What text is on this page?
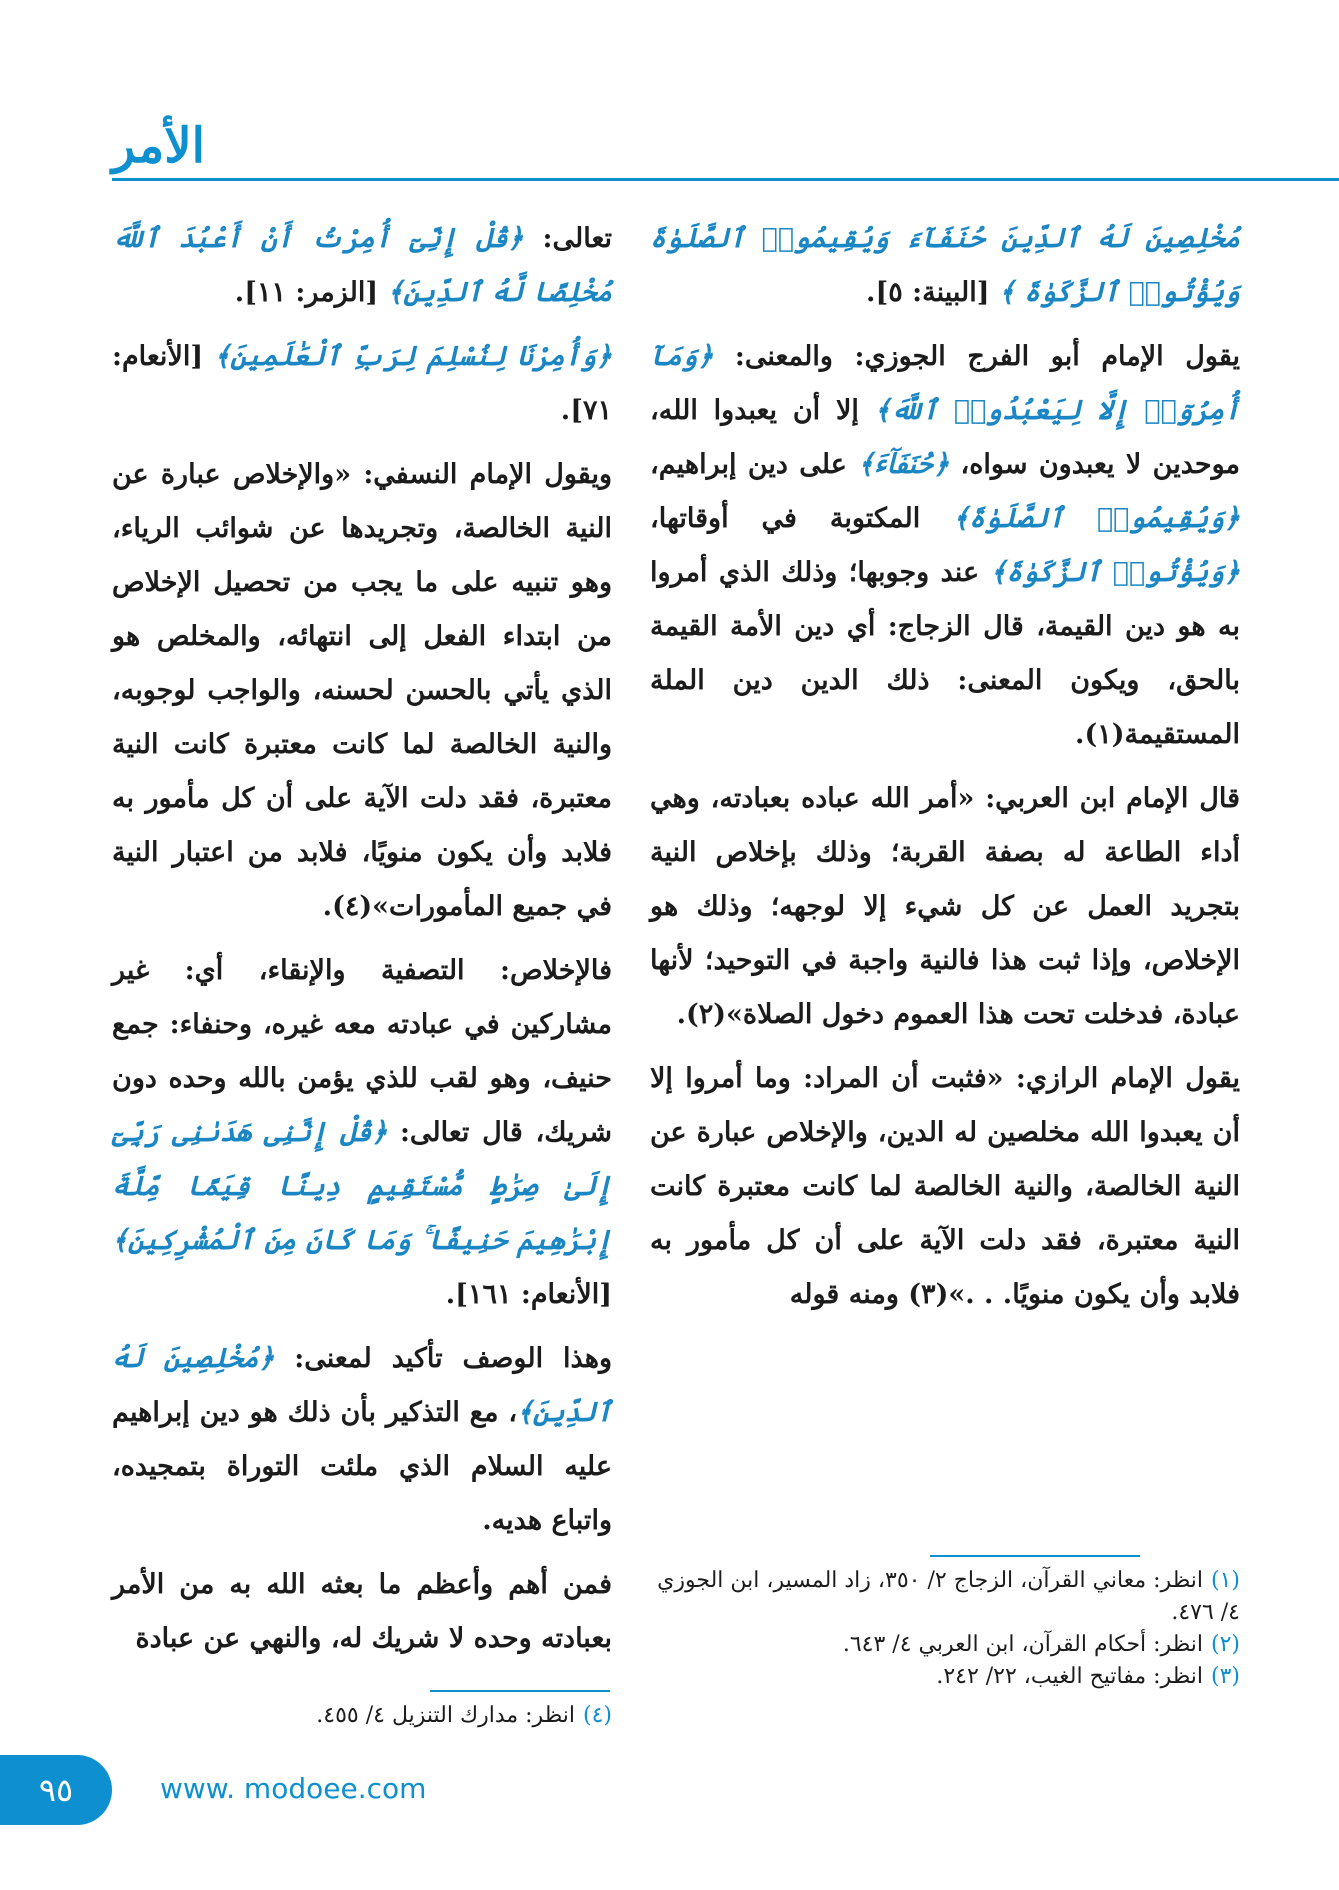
الأمر

مُخْلِصِينَ لَهُ ٱلدِّينَ حُنَفَآءَ وَيُقِيمُوا۟ ٱلصَّلَوٰةَ وَيُؤْتُوا۟ ٱلزَّكَوٰةَ ﴾ [البينة: ٥].

يقول الإمام أبو الفرج الجوزي: والمعنى: ﴿وَمَآ أُمِرُوٓا۟ إِلَّا لِيَعْبُدُوا۟ ٱللَّهَ﴾ إلا أن يعبدوا الله، موحدين لا يعبدون سواه، ﴿حُنَفَآءَ﴾ على دين إبراهيم، ﴿وَيُقِيمُوا۟ ٱلصَّلَوٰةَ﴾ المكتوبة في أوقاتها، ﴿وَيُؤْتُوا۟ ٱلزَّكَوٰةَ﴾ عند وجوبها؛ وذلك الذي أمروا به هو دين القيمة، قال الزجاج: أي دين الأمة القيمة بالحق، ويكون المعنى: ذلك الدين دين الملة المستقيمة(١).

قال الإمام ابن العربي: «أمر الله عباده بعبادته، وهي أداء الطاعة له بصفة القربة؛ وذلك بإخلاص النية بتجريد العمل عن كل شيء إلا لوجهه؛ وذلك هو الإخلاص، وإذا ثبت هذا فالنية واجبة في التوحيد؛ لأنها عبادة، فدخلت تحت هذا العموم دخول الصلاة»(٢).

يقول الإمام الرازي: «فثبت أن المراد: وما أمروا إلا أن يعبدوا الله مخلصين له الدين، والإخلاص عبارة عن النية الخالصة، والنية الخالصة لما كانت معتبرة كانت النية معتبرة، فقد دلت الآية على أن كل مأمور به فلابد وأن يكون منويًا. . .»(٣) ومنه قوله

تعالى: ﴿قُلْ إِنِّىٓ أُمِرْتُ أَنْ أَعْبُدَ ٱللَّهَ مُخْلِصًا لَّهُ ٱلدِّينَ﴾ [الزمر: ١١].

﴿وَأُمِرْنَا لِنُسْلِمَ لِرَبِّ ٱلْعَٰلَمِينَ﴾ [الأنعام: ٧١].

ويقول الإمام النسفي: «والإخلاص عبارة عن النية الخالصة، وتجريدها عن شوائب الرياء، وهو تنبيه على ما يجب من تحصيل الإخلاص من ابتداء الفعل إلى انتهائه، والمخلص هو الذي يأتي بالحسن لحسنه، والواجب لوجوبه، والنية الخالصة لما كانت معتبرة كانت النية معتبرة، فقد دلت الآية على أن كل مأمور به فلابد وأن يكون منويًا، فلابد من اعتبار النية في جميع المأمورات»(٤).

فالإخلاص: التصفية والإنقاء، أي: غير مشاركين في عبادته معه غيره، وحنفاء: جمع حنيف، وهو لقب للذي يؤمن بالله وحده دون شريك، قال تعالى: ﴿قُلْ إِنَّنِى هَدَىٰنِى رَبِّىٓ إِلَىٰ صِرَٰطٍ مُّسْتَقِيمٍ دِينًا قِيَمًا مِّلَّةَ إِبْرَٰهِيمَ حَنِيفًا ۚ وَمَا كَانَ مِنَ ٱلْمُشْرِكِينَ﴾ [الأنعام: ١٦١].

وهذا الوصف تأكيد لمعنى: ﴿مُخْلِصِينَ لَهُ ٱلدِّينَ﴾، مع التذكير بأن ذلك هو دين إبراهيم عليه السلام الذي ملئت التوراة بتمجيده، واتباع هديه.

فمن أهم وأعظم ما بعثه الله به من الأمر بعبادته وحده لا شريك له، والنهي عن عبادة

(١)انظر: معاني القرآن، الزجاج ٢/ ٣٥٠، زاد المسير، ابن الجوزي ٤/ ٤٧٦.

(٢)انظر: أحكام القرآن، ابن العربي ٤/ ٦٤٣.

(٣)انظر: مفاتيح الغيب، ٢٢/ ٢٤٢.

(٤)انظر: مدارك التنزيل ٤/ ٤٥٥.

٩٥	www. modoee.com
